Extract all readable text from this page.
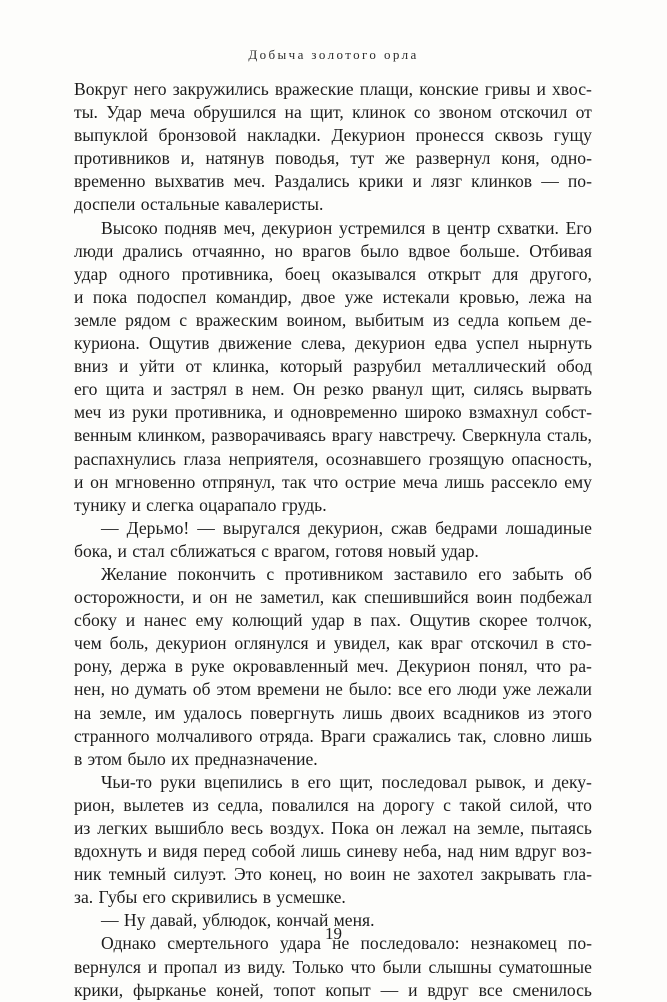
Добыча золотого орла
Вокруг него закружились вражеские плащи, конские гривы и хвос-
ты. Удар меча обрушился на щит, клинок со звоном отскочил от
выпуклой бронзовой накладки. Декурион пронесся сквозь гущу
противников и, натянув поводья, тут же развернул коня, одно-
временно выхватив меч. Раздались крики и лязг клинков — по-
доспели остальные кавалеристы.
Высоко подняв меч, декурион устремился в центр схватки. Его
люди дрались отчаянно, но врагов было вдвое больше. Отбивая
удар одного противника, боец оказывался открыт для другого,
и пока подоспел командир, двое уже истекали кровью, лежа на
земле рядом с вражеским воином, выбитым из седла копьем де-
куриона. Ощутив движение слева, декурион едва успел нырнуть
вниз и уйти от клинка, который разрубил металлический обод
его щита и застрял в нем. Он резко рванул щит, силясь вырвать
меч из руки противника, и одновременно широко взмахнул собст-
венным клинком, разворачиваясь врагу навстречу. Сверкнула сталь,
распахнулись глаза неприятеля, осознавшего грозящую опасность,
и он мгновенно отпрянул, так что острие меча лишь рассекло ему
тунику и слегка оцарапало грудь.
— Дерьмо! — выругался декурион, сжав бедрами лошадиные
бока, и стал сближаться с врагом, готовя новый удар.
Желание покончить с противником заставило его забыть об
осторожности, и он не заметил, как спешившийся воин подбежал
сбоку и нанес ему колющий удар в пах. Ощутив скорее толчок,
чем боль, декурион оглянулся и увидел, как враг отскочил в сто-
рону, держа в руке окровавленный меч. Декурион понял, что ра-
нен, но думать об этом времени не было: все его люди уже лежали
на земле, им удалось повергнуть лишь двоих всадников из этого
странного молчаливого отряда. Враги сражались так, словно лишь
в этом было их предназначение.
Чьи-то руки вцепились в его щит, последовал рывок, и деку-
рион, вылетев из седла, повалился на дорогу с такой силой, что
из легких вышибло весь воздух. Пока он лежал на земле, пытаясь
вдохнуть и видя перед собой лишь синеву неба, над ним вдруг воз-
ник темный силуэт. Это конец, но воин не захотел закрывать гла-
за. Губы его скривились в усмешке.
— Ну давай, ублюдок, кончай меня.
Однако смертельного удара не последовало: незнакомец по-
вернулся и пропал из виду. Только что были слышны суматошные
крики, фырканье коней, топот копыт — и вдруг все сменилось
19
